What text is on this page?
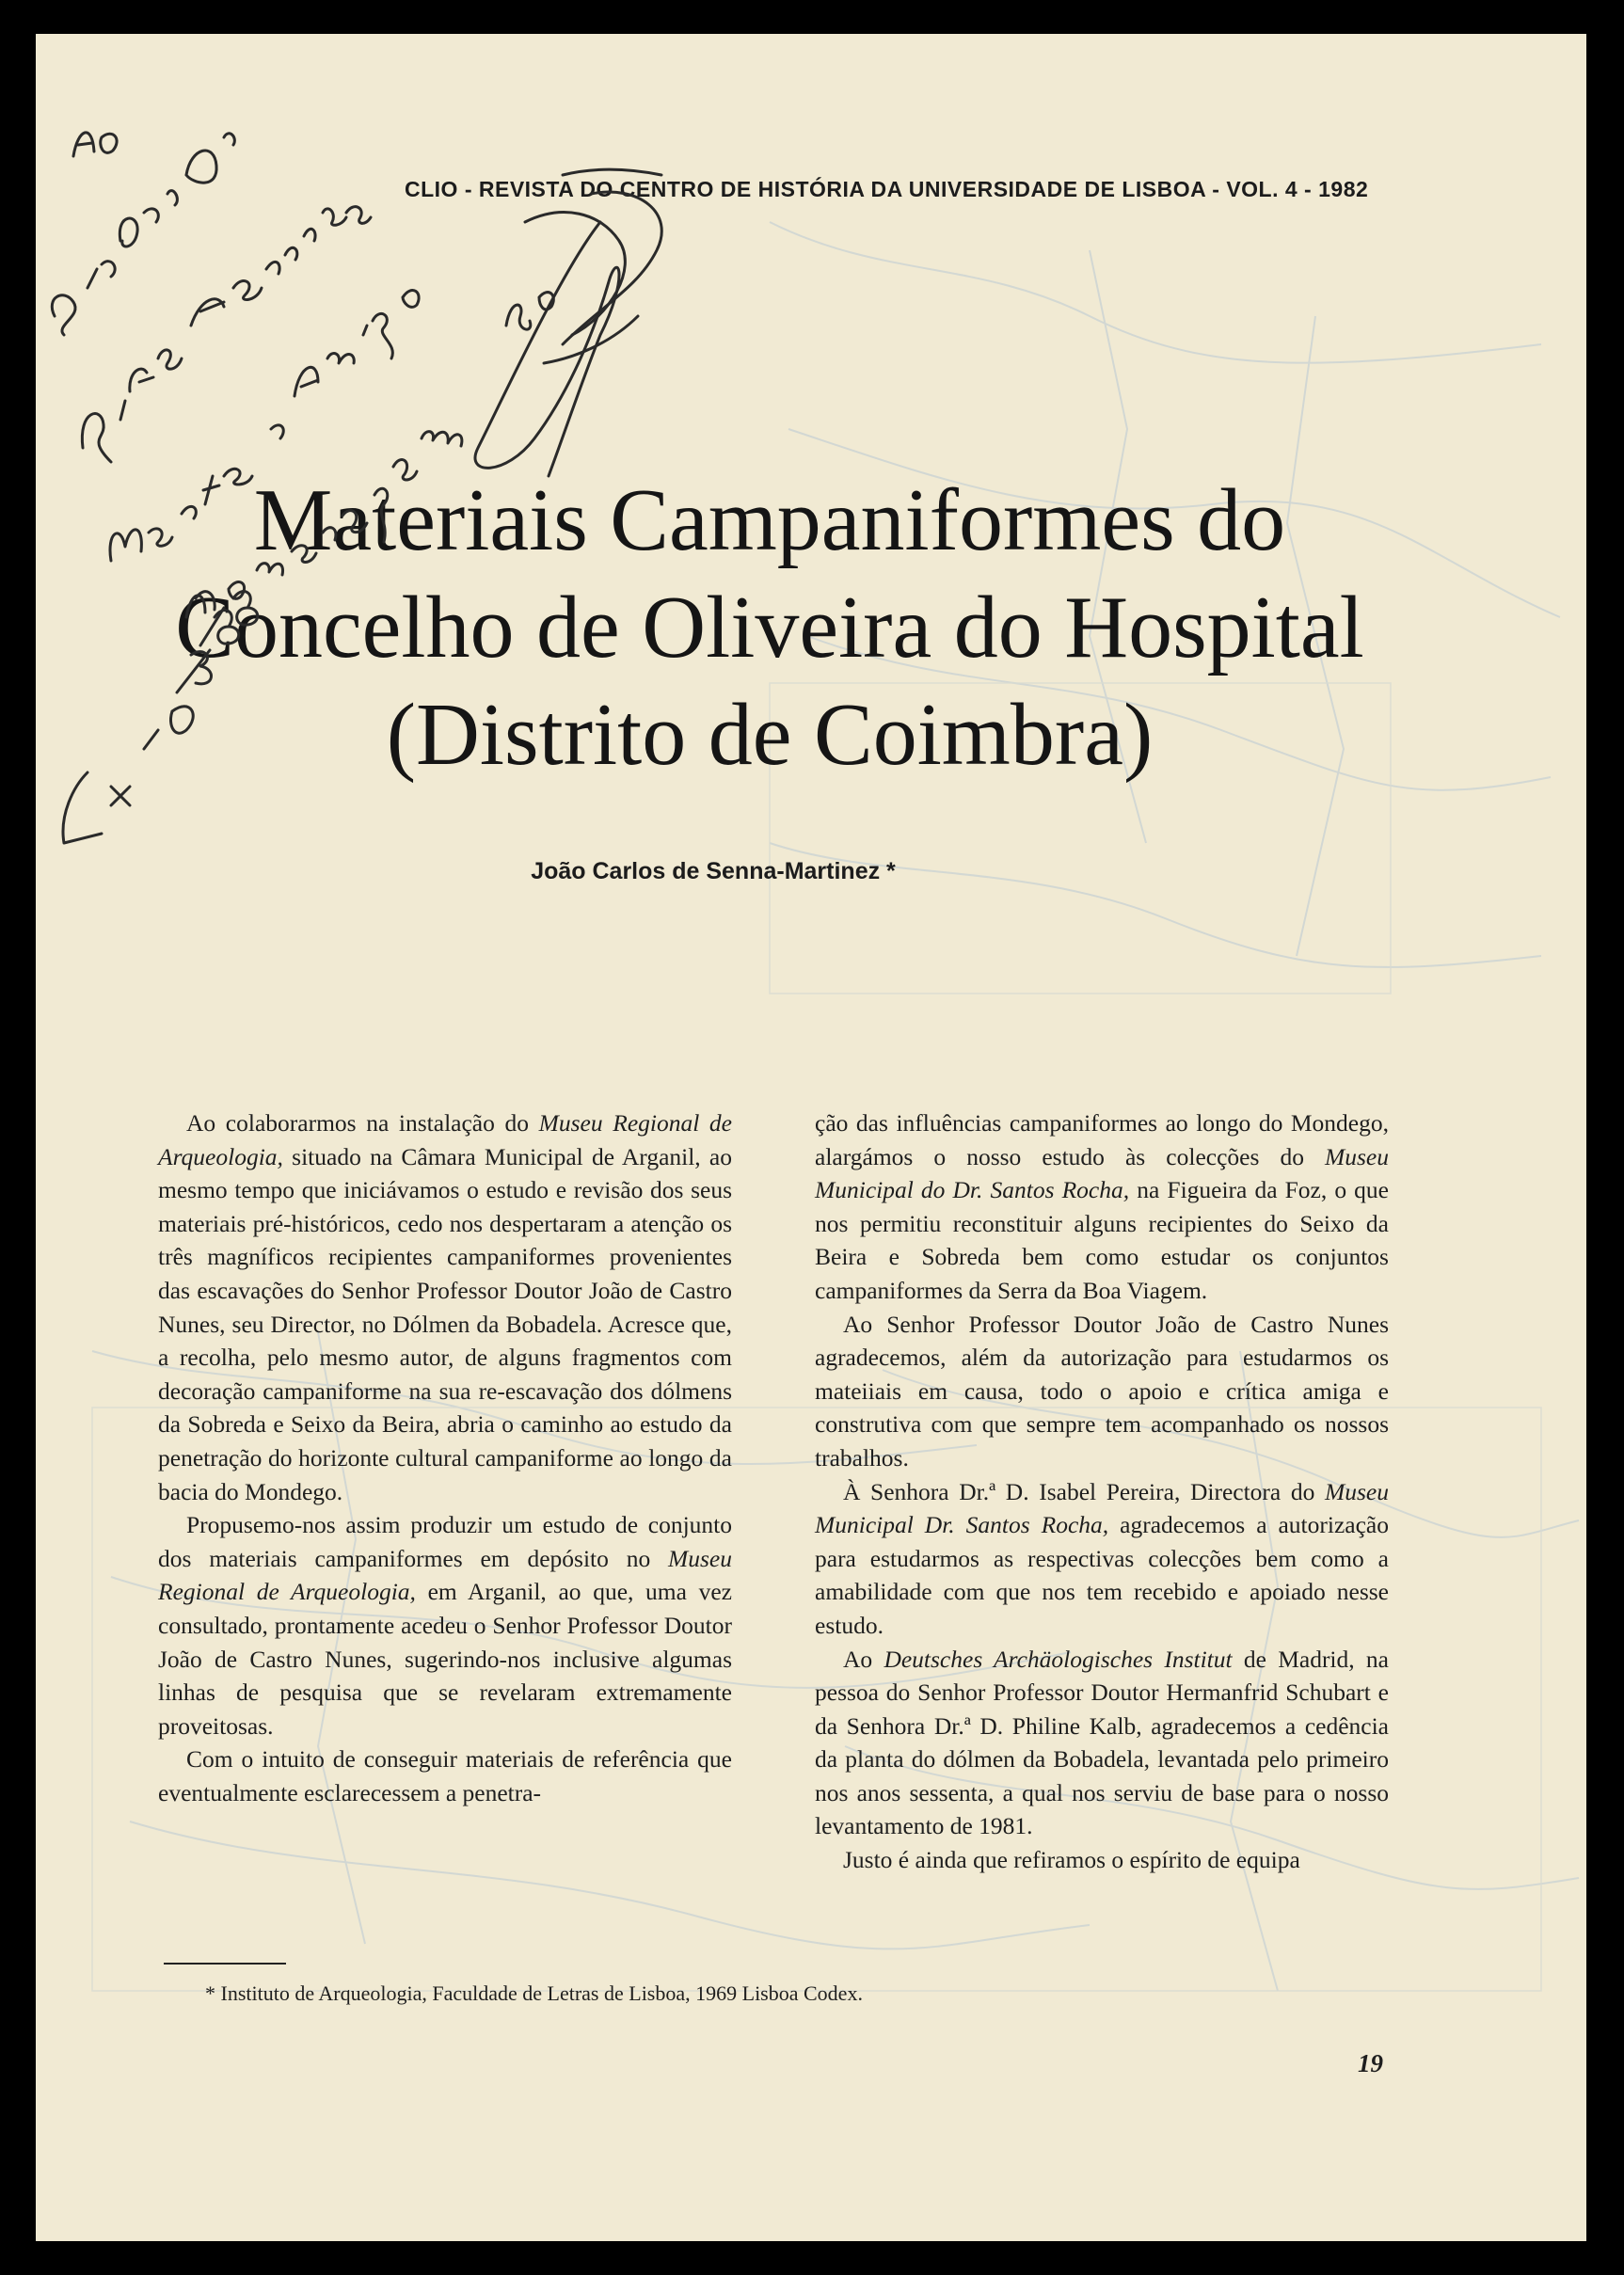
CLIO - REVISTA DO CENTRO DE HISTÓRIA DA UNIVERSIDADE DE LISBOA - VOL. 4 - 1982
Materiais Campaniformes do
Concelho de Oliveira do Hospital
(Distrito de Coimbra)
João Carlos de Senna-Martinez *

Ao colaborarmos na instalação do Museu Regional de Arqueologia, situado na Câmara Municipal de Arganil, ao mesmo tempo que iniciávamos o estudo e revisão dos seus materiais pré-históricos, cedo nos despertaram a atenção os três magníficos recipientes campaniformes provenientes das escavações do Senhor Professor Doutor João de Castro Nunes, seu Director, no Dólmen da Bobadela. Acresce que, a recolha, pelo mesmo autor, de alguns fragmentos com decoração campaniforme na sua re-escavação dos dólmens da Sobreda e Seixo da Beira, abria o caminho ao estudo da penetração do horizonte cultural campaniforme ao longo da bacia do Mondego.

Propusemo-nos assim produzir um estudo de conjunto dos materiais campaniformes em depósito no Museu Regional de Arqueologia, em Arganil, ao que, uma vez consultado, prontamente acedeu o Senhor Professor Doutor João de Castro Nunes, sugerindo-nos inclusive algumas linhas de pesquisa que se revelaram extremamente proveitosas.

Com o intuito de conseguir materiais de referência que eventualmente esclarecessem a penetra-

ção das influências campaniformes ao longo do Mondego, alargámos o nosso estudo às colecções do Museu Municipal do Dr. Santos Rocha, na Figueira da Foz, o que nos permitiu reconstituir alguns recipientes do Seixo da Beira e Sobreda bem como estudar os conjuntos campaniformes da Serra da Boa Viagem.

Ao Senhor Professor Doutor João de Castro Nunes agradecemos, além da autorização para estudarmos os mateiiais em causa, todo o apoio e crítica amiga e construtiva com que sempre tem acompanhado os nossos trabalhos.

À Senhora Dr.ª D. Isabel Pereira, Directora do Museu Municipal Dr. Santos Rocha, agradecemos a autorização para estudarmos as respectivas colecções bem como a amabilidade com que nos tem recebido e apoiado nesse estudo.

Ao Deutsches Archäologisches Institut de Madrid, na pessoa do Senhor Professor Doutor Hermanfrid Schubart e da Senhora Dr.ª D. Philine Kalb, agradecemos a cedência da planta do dólmen da Bobadela, levantada pelo primeiro nos anos sessenta, a qual nos serviu de base para o nosso levantamento de 1981.

Justo é ainda que refiramos o espírito de equipa

* Instituto de Arqueologia, Faculdade de Letras de Lisboa, 1969 Lisboa Codex.
19
